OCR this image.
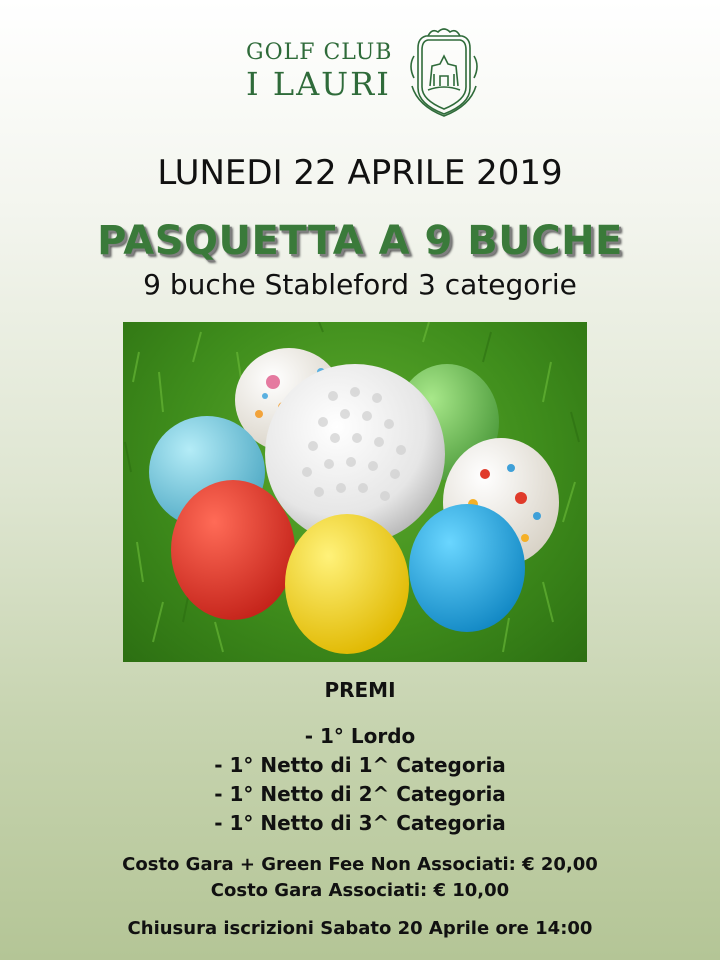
GOLF CLUB
I LAURI
LUNEDI 22 APRILE 2019
PASQUETTA A 9 BUCHE
9 buche Stableford 3 categorie
PREMI
- 1° Lordo
- 1° Netto di 1^ Categoria
- 1° Netto di 2^ Categoria
- 1° Netto di 3^ Categoria
Costo Gara + Green Fee Non Associati: € 20,00
Costo Gara Associati: € 10,00
Chiusura iscrizioni Sabato 20 Aprile ore 14:00
